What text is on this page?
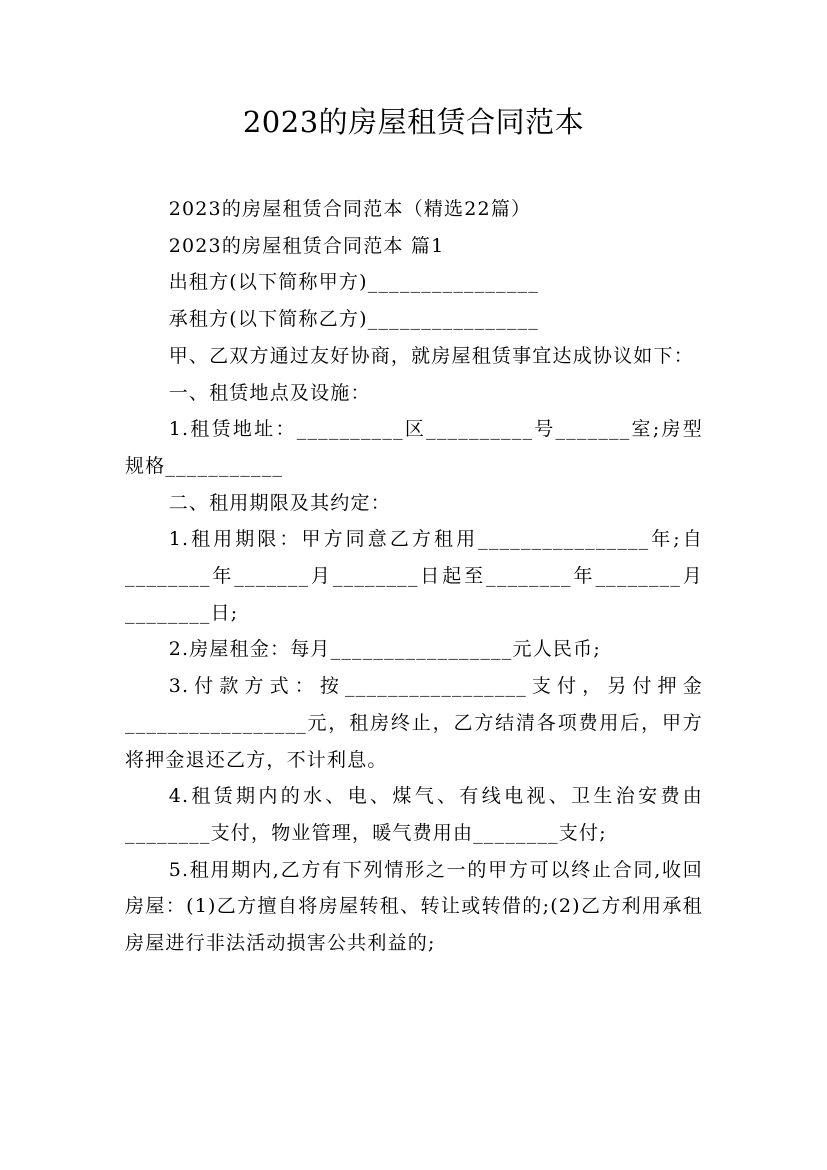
2023的房屋租赁合同范本

2023的房屋租赁合同范本（精选22篇）

2023的房屋租赁合同范本 篇1

出租方(以下简称甲方)________________

承租方(以下简称乙方)________________

甲、乙双方通过友好协商，就房屋租赁事宜达成协议如下：

一、租赁地点及设施：

1.租赁地址：__________区__________号_______室;房型规格___________

二、租用期限及其约定：

1.租用期限：甲方同意乙方租用________________年;自________年_______月________日起至________年________月________日;

2.房屋租金：每月_________________元人民币;

3.付款方式：按_________________支付，另付押金_________________元，租房终止，乙方结清各项费用后，甲方将押金退还乙方，不计利息。

4.租赁期内的水、电、煤气、有线电视、卫生治安费由________支付，物业管理，暖气费用由________支付;

5.租用期内,乙方有下列情形之一的甲方可以终止合同,收回房屋：(1)乙方擅自将房屋转租、转让或转借的;(2)乙方利用承租房屋进行非法活动损害公共利益的;
